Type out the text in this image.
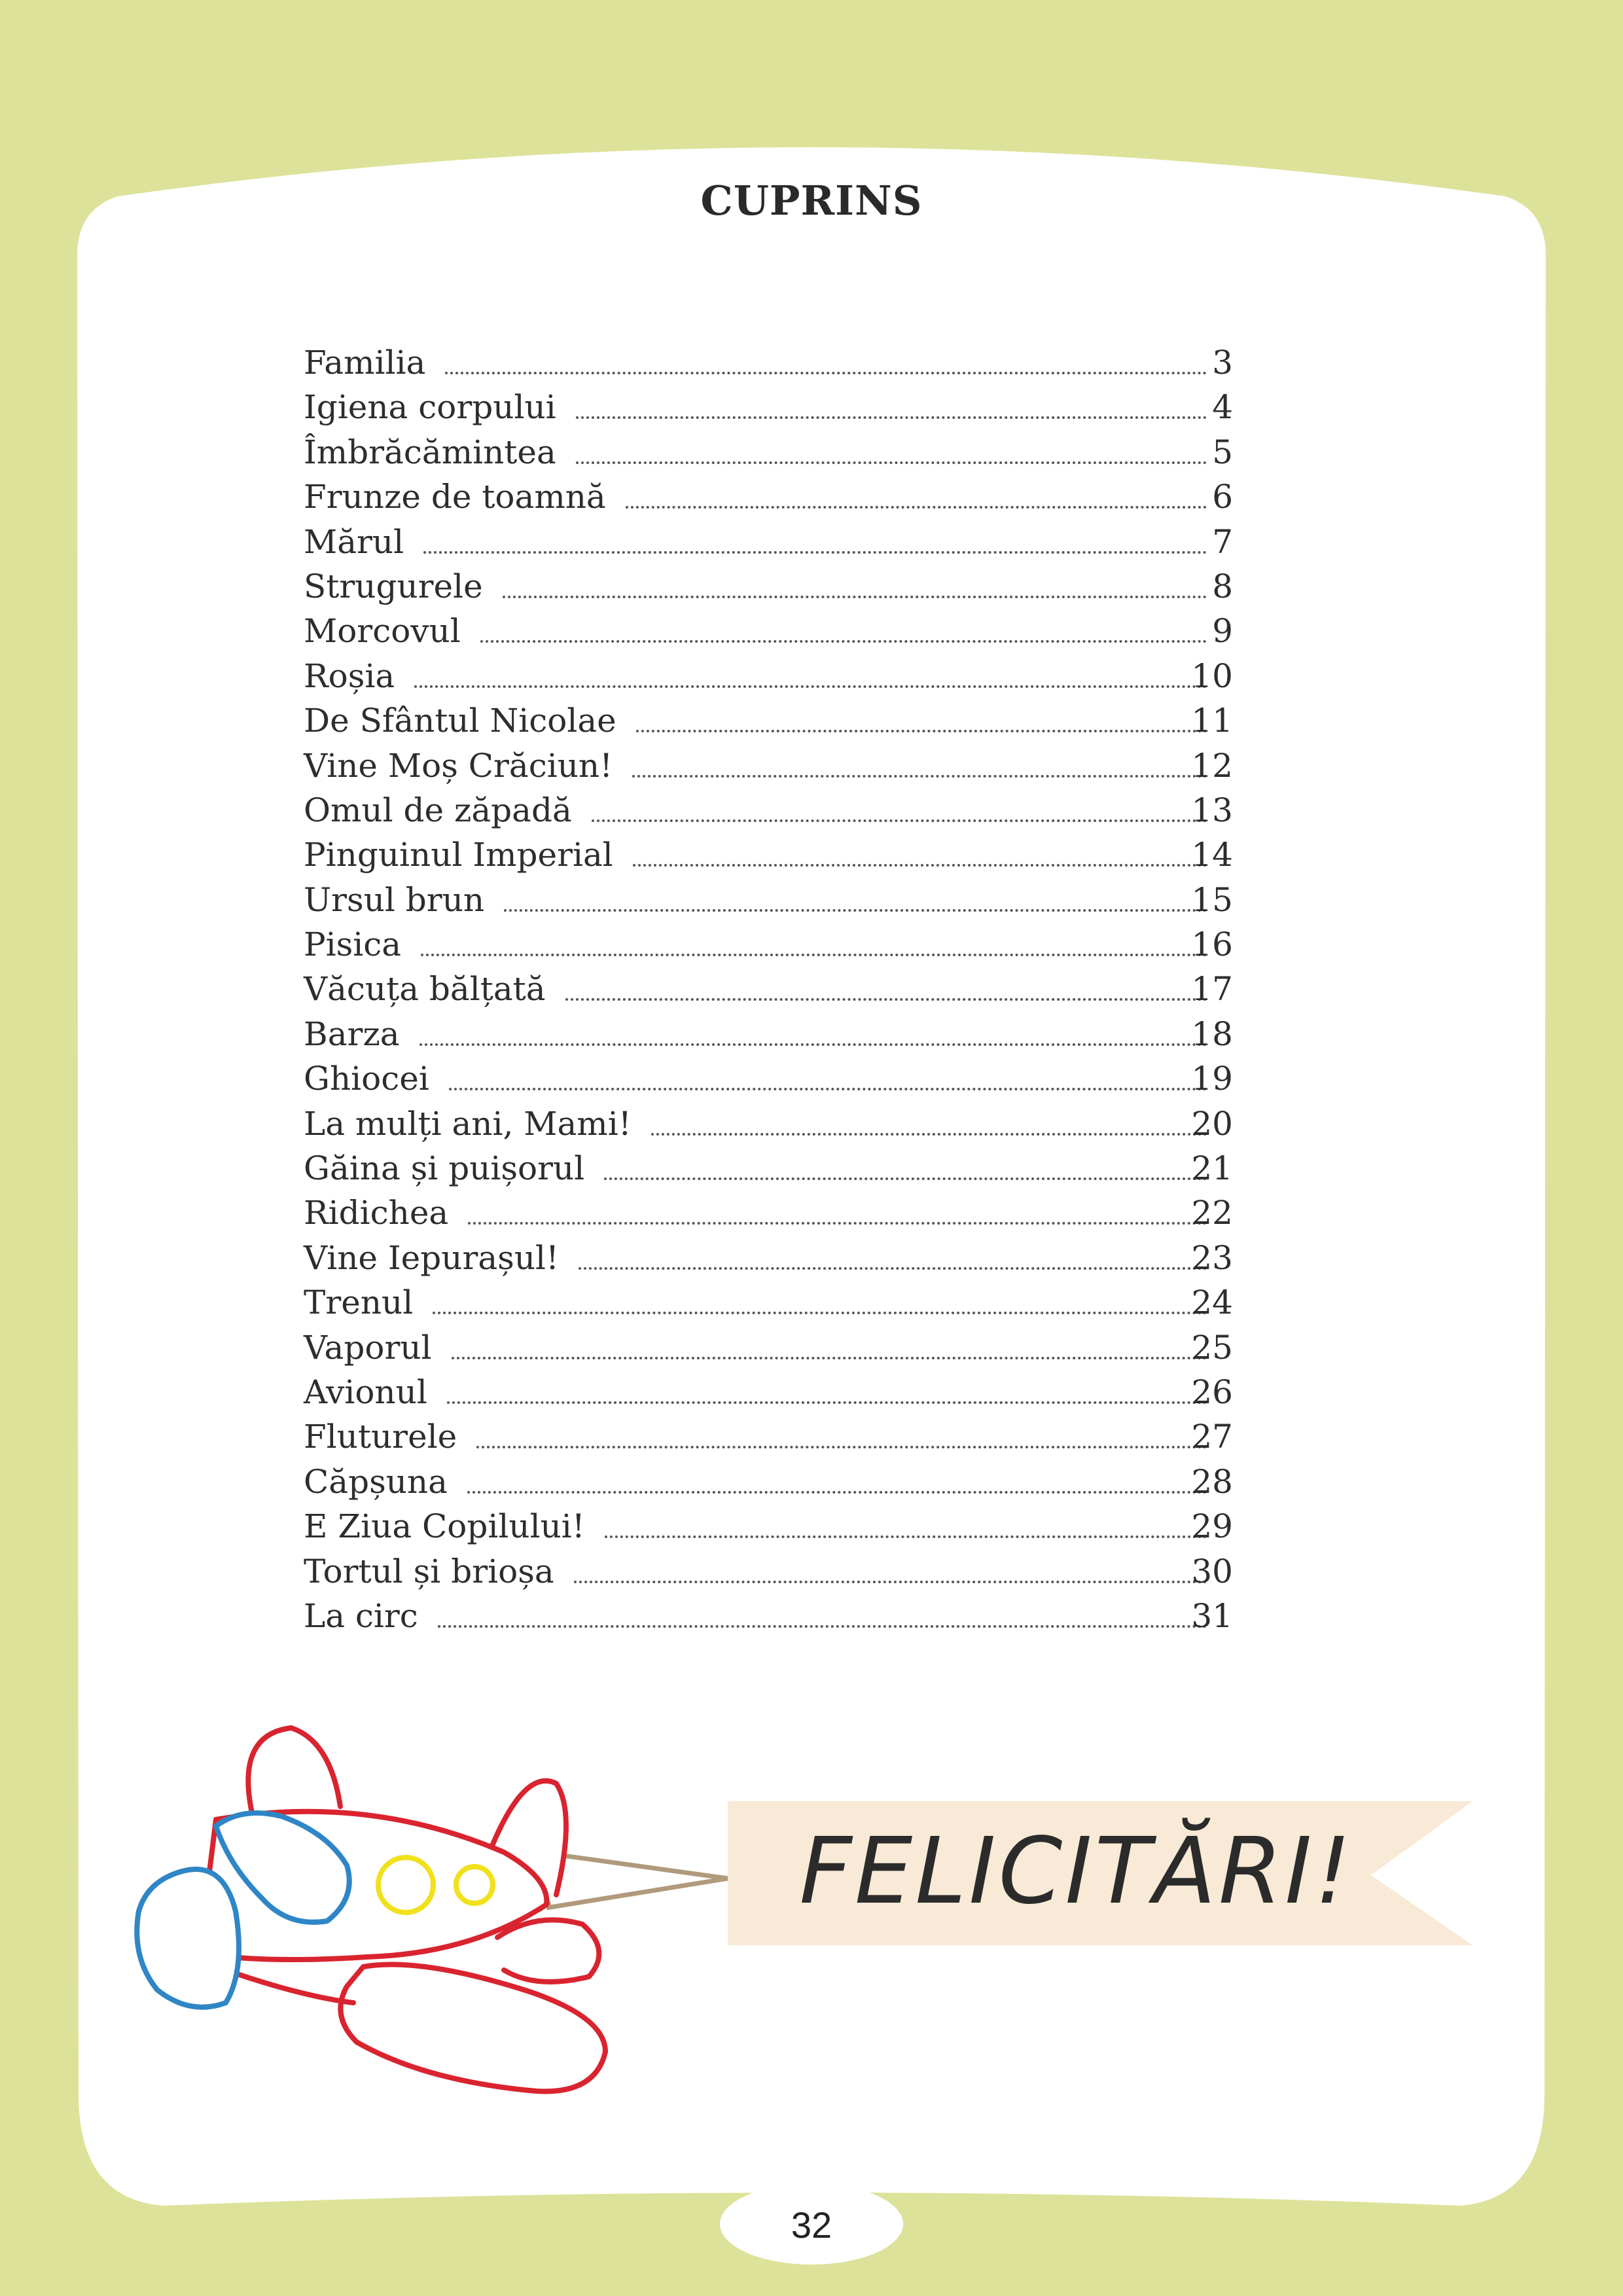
CUPRINS
Familia	3
Igiena corpului	4
Îmbrăcămintea	5
Frunze de toamnă	6
Mărul	7
Strugurele	8
Morcovul	9
Roșia	10
De Sfântul Nicolae	11
Vine Moș Crăciun!	12
Omul de zăpadă	13
Pinguinul Imperial	14
Ursul brun	15
Pisica	16
Văcuța bălțată	17
Barza	18
Ghiocei	19
La mulți ani, Mami!	20
Găina și puișorul	21
Ridichea	22
Vine Iepurașul!	23
Trenul	24
Vaporul	25
Avionul	26
Fluturele	27
Căpșuna	28
E Ziua Copilului!	29
Tortul și brioșa	30
La circ	31
FELICITĂRI!
32
